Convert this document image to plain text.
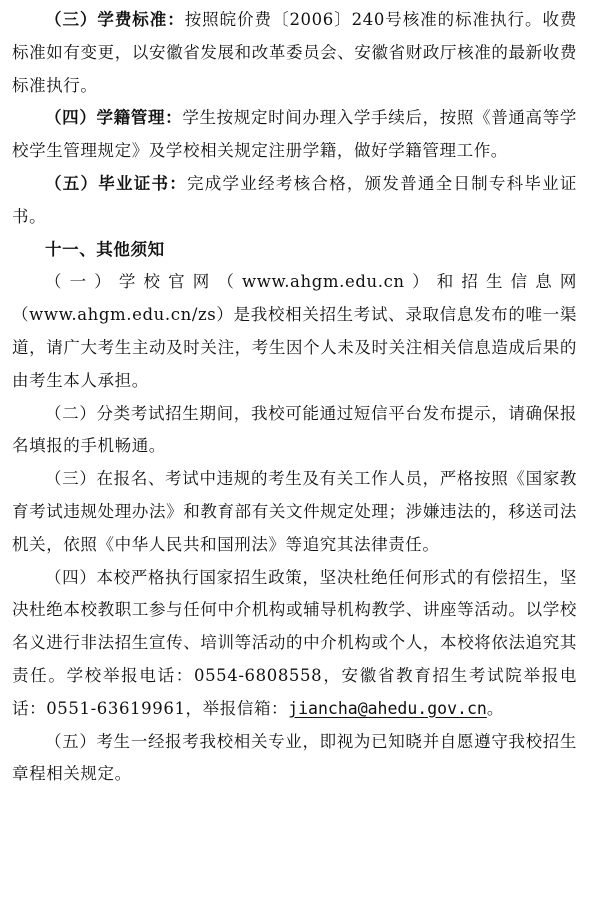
（三）学费标准：按照皖价费〔2006〕240号核准的标准执行。收费标准如有变更，以安徽省发展和改革委员会、安徽省财政厅核准的最新收费标准执行。

（四）学籍管理：学生按规定时间办理入学手续后，按照《普通高等学校学生管理规定》及学校相关规定注册学籍，做好学籍管理工作。

（五）毕业证书：完成学业经考核合格，颁发普通全日制专科毕业证书。

十一、其他须知

（一）学校官网（www.ahgm.edu.cn）和招生信息网（www.ahgm.edu.cn/zs）是我校相关招生考试、录取信息发布的唯一渠道，请广大考生主动及时关注，考生因个人未及时关注相关信息造成后果的由考生本人承担。

（二）分类考试招生期间，我校可能通过短信平台发布提示，请确保报名填报的手机畅通。

（三）在报名、考试中违规的考生及有关工作人员，严格按照《国家教育考试违规处理办法》和教育部有关文件规定处理；涉嫌违法的，移送司法机关，依照《中华人民共和国刑法》等追究其法律责任。

（四）本校严格执行国家招生政策，坚决杜绝任何形式的有偿招生，坚决杜绝本校教职工参与任何中介机构或辅导机构教学、讲座等活动。以学校名义进行非法招生宣传、培训等活动的中介机构或个人，本校将依法追究其责任。学校举报电话：0554-6808558，安徽省教育招生考试院举报电话：0551-63619961，举报信箱：jiancha@ahedu.gov.cn。

（五）考生一经报考我校相关专业，即视为已知晓并自愿遵守我校招生章程相关规定。
